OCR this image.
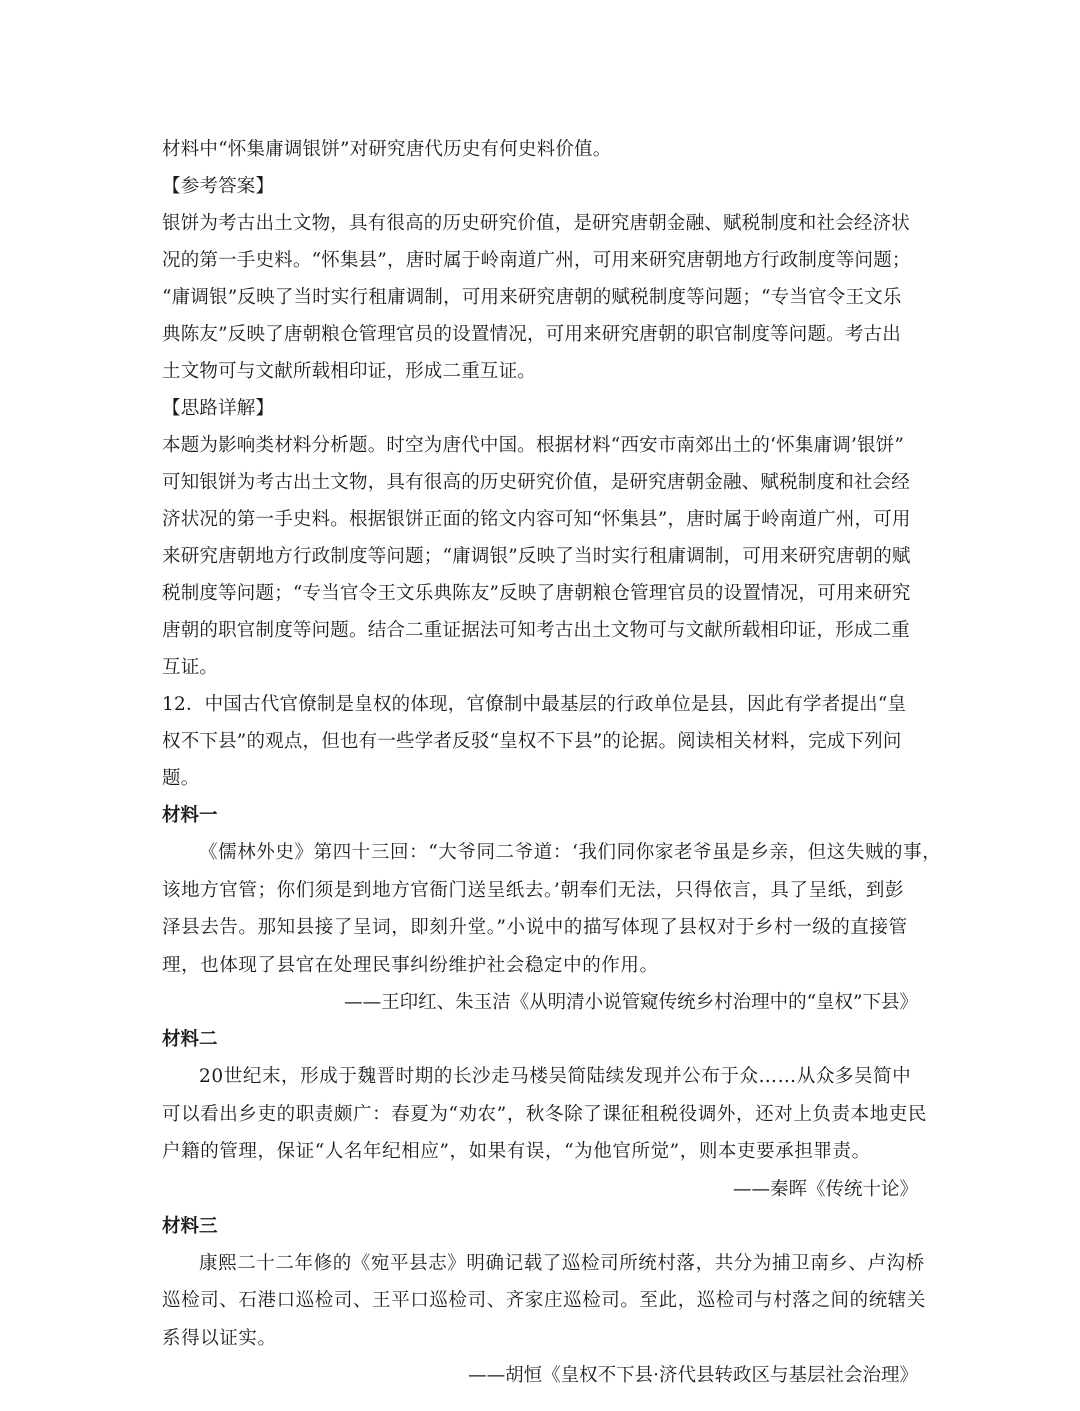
材料中“怀集庸调银饼”对研究唐代历史有何史料价值。
【参考答案】
银饼为考古出土文物，具有很高的历史研究价值，是研究唐朝金融、赋税制度和社会经济状
况的第一手史料。“怀集县”，唐时属于岭南道广州，可用来研究唐朝地方行政制度等问题；
“庸调银”反映了当时实行租庸调制，可用来研究唐朝的赋税制度等问题；“专当官令王文乐
典陈友”反映了唐朝粮仓管理官员的设置情况，可用来研究唐朝的职官制度等问题。考古出
土文物可与文献所载相印证，形成二重互证。
【思路详解】
本题为影响类材料分析题。时空为唐代中国。根据材料“西安市南郊出土的‘怀集庸调’银饼”
可知银饼为考古出土文物，具有很高的历史研究价值，是研究唐朝金融、赋税制度和社会经
济状况的第一手史料。根据银饼正面的铭文内容可知“怀集县”，唐时属于岭南道广州，可用
来研究唐朝地方行政制度等问题；“庸调银”反映了当时实行租庸调制，可用来研究唐朝的赋
税制度等问题；“专当官令王文乐典陈友”反映了唐朝粮仓管理官员的设置情况，可用来研究
唐朝的职官制度等问题。结合二重证据法可知考古出土文物可与文献所载相印证，形成二重
互证。
12．中国古代官僚制是皇权的体现，官僚制中最基层的行政单位是县，因此有学者提出“皇
权不下县”的观点，但也有一些学者反驳“皇权不下县”的论据。阅读相关材料，完成下列问
题。
材料一
《儒林外史》第四十三回：“大爷同二爷道：‘我们同你家老爷虽是乡亲，但这失贼的事，
该地方官管；你们须是到地方官衙门送呈纸去。’朝奉们无法，只得依言，具了呈纸，到彭
泽县去告。那知县接了呈词，即刻升堂。”小说中的描写体现了县权对于乡村一级的直接管
理，也体现了县官在处理民事纠纷维护社会稳定中的作用。
——王印红、朱玉洁《从明清小说管窥传统乡村治理中的“皇权”下县》
材料二
20世纪末，形成于魏晋时期的长沙走马楼吴简陆续发现并公布于众……从众多吴简中
可以看出乡吏的职责颇广：春夏为“劝农”，秋冬除了课征租税役调外，还对上负责本地吏民
户籍的管理，保证“人名年纪相应”，如果有误，“为他官所觉”，则本吏要承担罪责。
——秦晖《传统十论》
材料三
康熙二十二年修的《宛平县志》明确记载了巡检司所统村落，共分为捕卫南乡、卢沟桥
巡检司、石港口巡检司、王平口巡检司、齐家庄巡检司。至此，巡检司与村落之间的统辖关
系得以证实。
——胡恒《皇权不下县·济代县转政区与基层社会治理》
